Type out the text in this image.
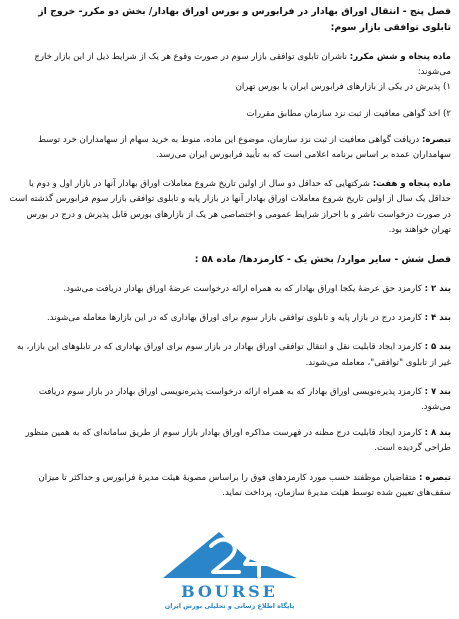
فصل پنج - انتقال اوراق بهادار در فرابورس و بورس اوراق بهادار/ بخش دو مکرر- خروج از تابلوی توافقی بازار سوم:

ماده پنجاه و شش مکرر: ناشران تابلوی توافقی بازار سوم در صورت وقوع هر یک از شرایط ذیل از این بازار خارج می‌شوند:

۱) پذیرش در یکی از بازارهای فرابورس ایران یا بورس تهران

۲) اخذ گواهی معافیت از ثبت نزد سازمان مطابق مقررات

تبصره: دریافت گواهی معافیت از ثبت نزد سازمان، موضوع این ماده، منوط به خرید سهام از سهامداران خرد توسط سهامداران عمده بر اساس برنامه اعلامی است که به تأیید فرابورس ایران می‌رسد.

ماده پنجاه و هفت: شرکتهایی که حداقل دو سال از اولین تاریخ شروع معاملات اوراق بهادار آنها در بازار اول و دوم یا حداقل یک سال از اولین تاریخ شروع معاملات اوراق بهادار آنها در بازار پایه و تابلوی توافقی بازار سوم فرابورس گذشته است در صورت درخواست ناشر و با احراز شرایط عمومی و اختصاصی هر یک از بازارهای بورس قابل پذیرش و درج در بورس تهران خواهند بود.

فصل شش - سایر موارد/ بخش یک - کارمزدها/ ماده ۵۸ :

بند ۲ : کارمزد حق عرضهٔ یکجا اوراق بهادار که به همراه ارائه درخواست عرضهٔ اوراق بهادار دریافت می‌شود.

بند ۴ : کارمزد درج در بازار پایه و تابلوی توافقی بازار سوم برای اوراق بهاداری که در این بازارها معامله می‌شوند.

بند ۵ : کارمزد ایجاد قابلیت نقل و انتقال توافقی اوراق بهادار در بازار سوم برای اوراق بهاداری که در تابلوهای این بازار، به غیر از تابلوی "توافقی"، معامله می‌شوند.

بند ۷ : کارمزد پذیره‌نویسی اوراق بهادار که به همراه ارائه درخواست پذیره‌نویسی اوراق بهادار در بازار سوم دریافت می‌شود.

بند ۸ : کارمزد ایجاد قابلیت درج مظنه در فهرست مذاکره اوراق بهادار بازار سوم از طریق سامانه‌ای که به همین منظور طراحی گردیده است.

تبصره : متقاضیان موظفند حسب مورد کارمزدهای فوق را براساس مصوبهٔ هیئت مدیرهٔ فرابورس و حداکثر تا میزان سقف‌های تعیین شده توسط هیئت مدیرهٔ سازمان، پرداخت نماید.

BOURSE
پایگاه اطلاع رسانی و تحلیلی بورس ایران
